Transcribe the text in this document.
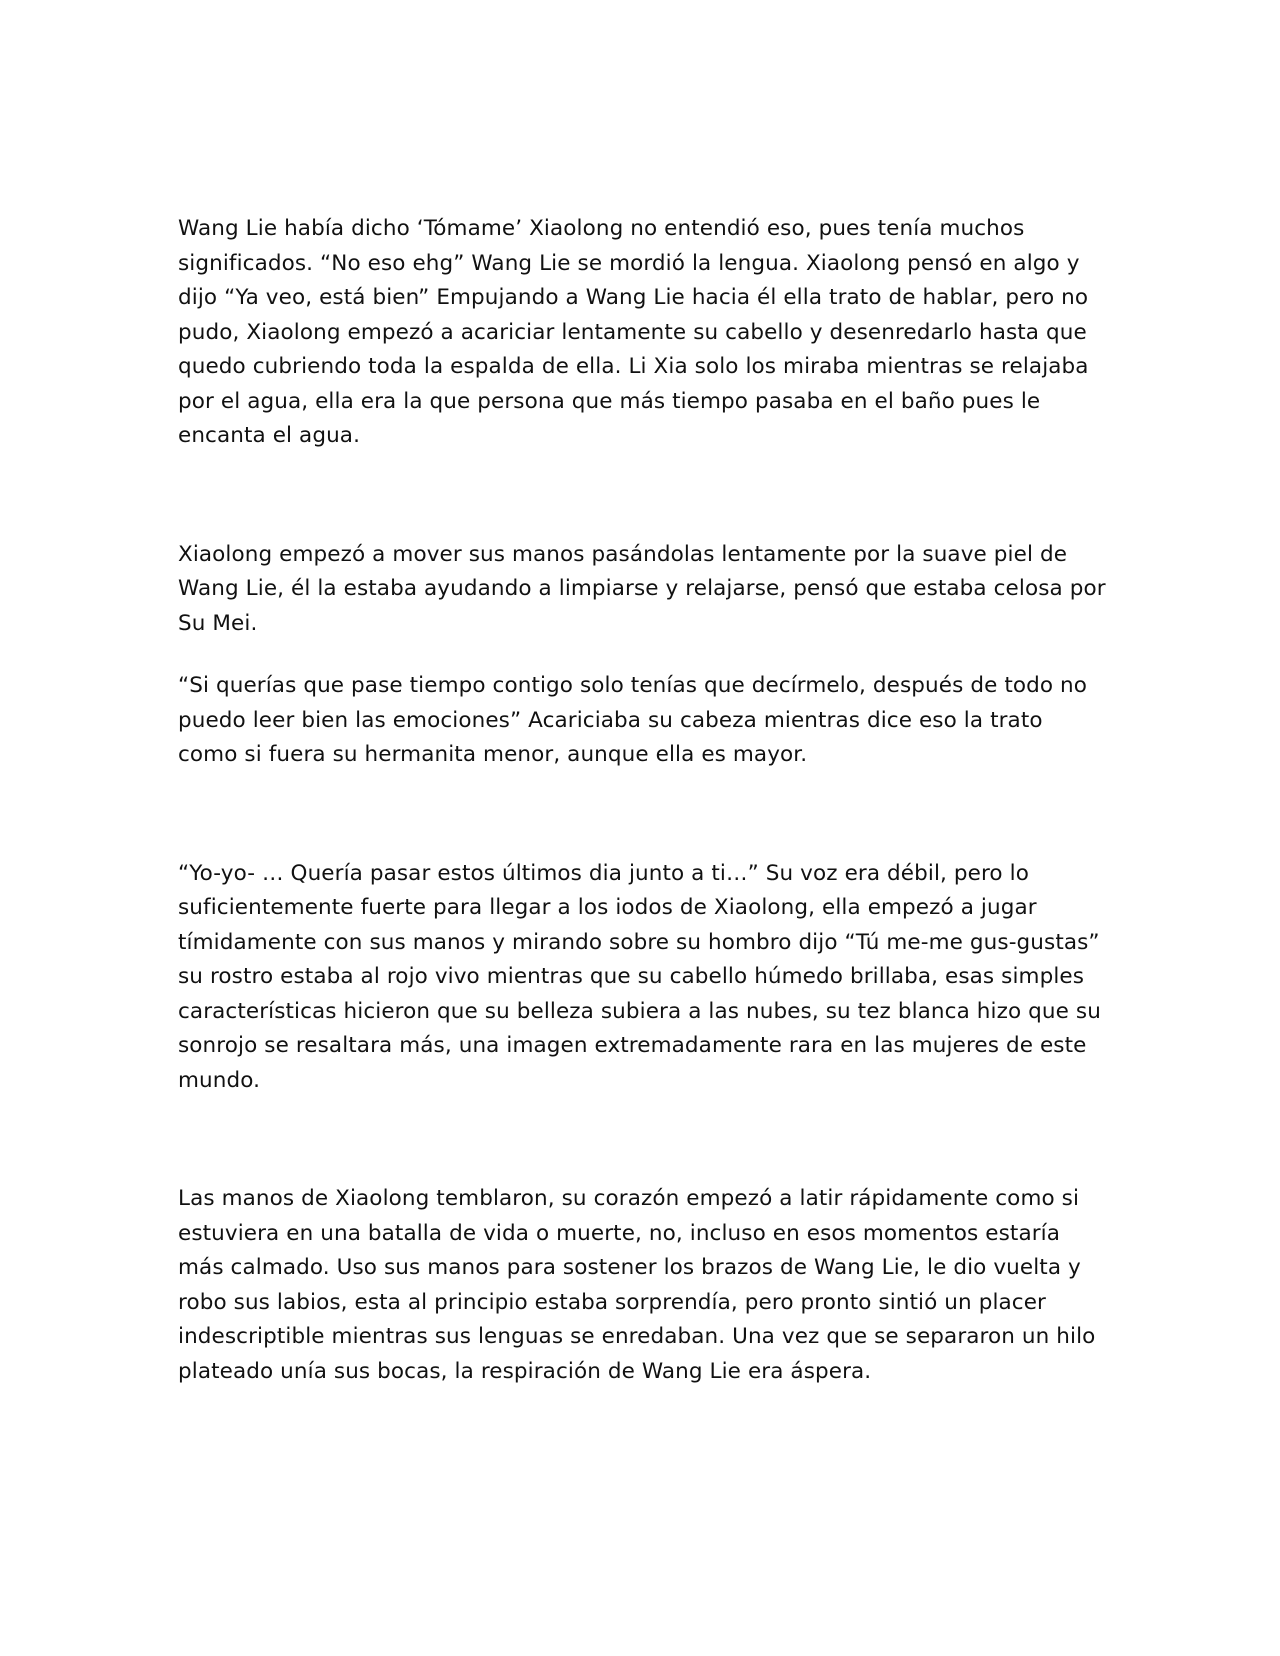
Wang Lie había dicho ‘Tómame’ Xiaolong no entendió eso, pues tenía muchos significados. “No eso ehg” Wang Lie se mordió la lengua. Xiaolong pensó en algo y dijo “Ya veo, está bien” Empujando a Wang Lie hacia él ella trato de hablar, pero no pudo, Xiaolong empezó a acariciar lentamente su cabello y desenredarlo hasta que quedo cubriendo toda la espalda de ella. Li Xia solo los miraba mientras se relajaba por el agua, ella era la que persona que más tiempo pasaba en el baño pues le encanta el agua.

Xiaolong empezó a mover sus manos pasándolas lentamente por la suave piel de Wang Lie, él la estaba ayudando a limpiarse y relajarse, pensó que estaba celosa por Su Mei.

“Si querías que pase tiempo contigo solo tenías que decírmelo, después de todo no puedo leer bien las emociones” Acariciaba su cabeza mientras dice eso la trato como si fuera su hermanita menor, aunque ella es mayor.

“Yo-yo- … Quería pasar estos últimos dia junto a ti…” Su voz era débil, pero lo suficientemente fuerte para llegar a los iodos de Xiaolong, ella empezó a jugar tímidamente con sus manos y mirando sobre su hombro dijo “Tú me-me gus-gustas” su rostro estaba al rojo vivo mientras que su cabello húmedo brillaba, esas simples características hicieron que su belleza subiera a las nubes, su tez blanca hizo que su sonrojo se resaltara más, una imagen extremadamente rara en las mujeres de este mundo.

Las manos de Xiaolong temblaron, su corazón empezó a latir rápidamente como si estuviera en una batalla de vida o muerte, no, incluso en esos momentos estaría más calmado. Uso sus manos para sostener los brazos de Wang Lie, le dio vuelta y robo sus labios, esta al principio estaba sorprendía, pero pronto sintió un placer indescriptible mientras sus lenguas se enredaban. Una vez que se separaron un hilo plateado unía sus bocas, la respiración de Wang Lie era áspera.
